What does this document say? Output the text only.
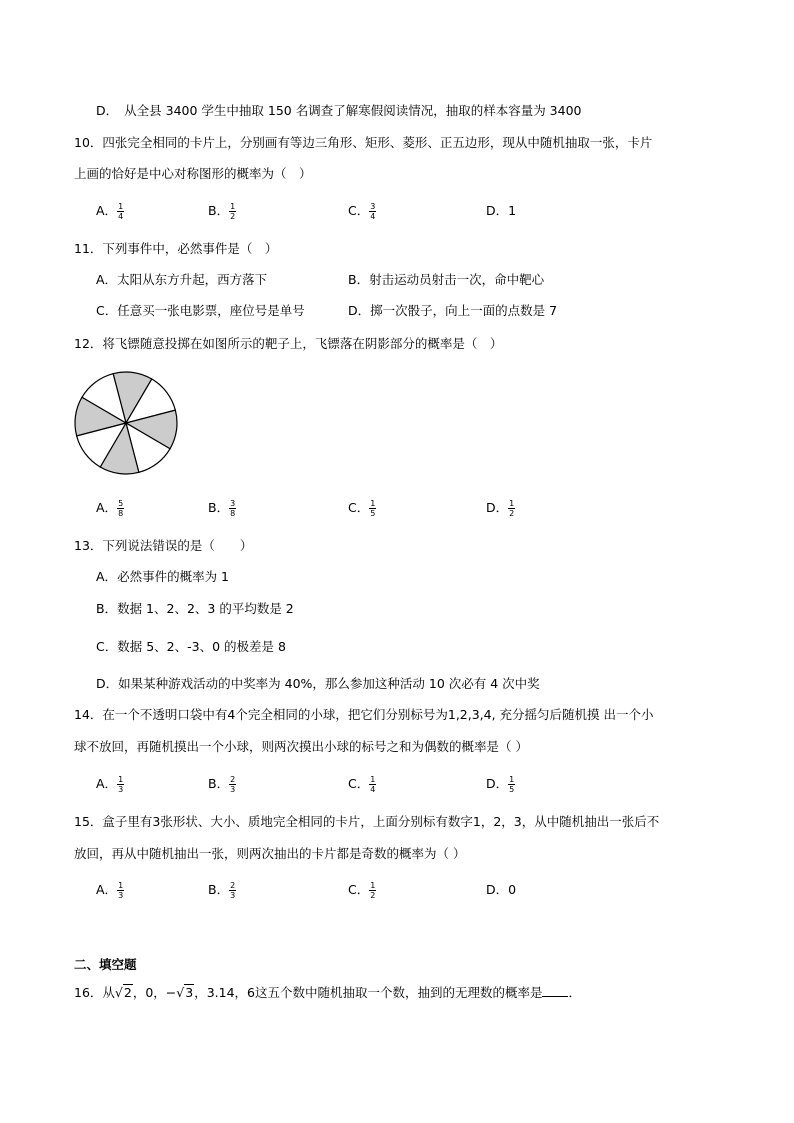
D． 从全县 3400 学生中抽取 150 名调查了解寒假阅读情况，抽取的样本容量为 3400
10．四张完全相同的卡片上，分别画有等边三角形、矩形、菱形、正五边形，现从中随机抽取一张，卡片
上画的恰好是中心对称图形的概率为（　）
A． $\frac{1}{4}$	B． $\frac{1}{2}$	C． $\frac{3}{4}$	D．1
11．下列事件中，必然事件是（　）
A．太阳从东方升起，西方落下	B．射击运动员射击一次，命中靶心
C．任意买一张电影票，座位号是单号	D．掷一次骰子，向上一面的点数是 7
12．将飞镖随意投掷在如图所示的靶子上，飞镖落在阴影部分的概率是（　）
A． $\frac{5}{8}$	B． $\frac{3}{8}$	C． $\frac{1}{5}$	D． $\frac{1}{2}$
13．下列说法错误的是（　　）
A．必然事件的概率为 1
B．数据 1、2、2、3 的平均数是 2
C．数据 5、2、-3、0 的极差是 8
D．如果某种游戏活动的中奖率为 40%，那么参加这种活动 10 次必有 4 次中奖
14．在一个不透明口袋中有4个完全相同的小球，把它们分别标号为1,2,3,4, 充分摇匀后随机摸 出一个小
球不放回，再随机摸出一个小球，则两次摸出小球的标号之和为偶数的概率是（ ）
A． $\frac{1}{3}$	B． $\frac{2}{3}$	C． $\frac{1}{4}$	D． $\frac{1}{5}$
15．盒子里有3张形状、大小、质地完全相同的卡片，上面分别标有数字1，2，3，从中随机抽出一张后不
放回，再从中随机抽出一张，则两次抽出的卡片都是奇数的概率为（ ）
A． $\frac{1}{3}$	B． $\frac{2}{3}$	C． $\frac{1}{2}$	D．0
二、填空题
16．从√2，0，−√3，3.14，6这五个数中随机抽取一个数，抽到的无理数的概率是 ．
